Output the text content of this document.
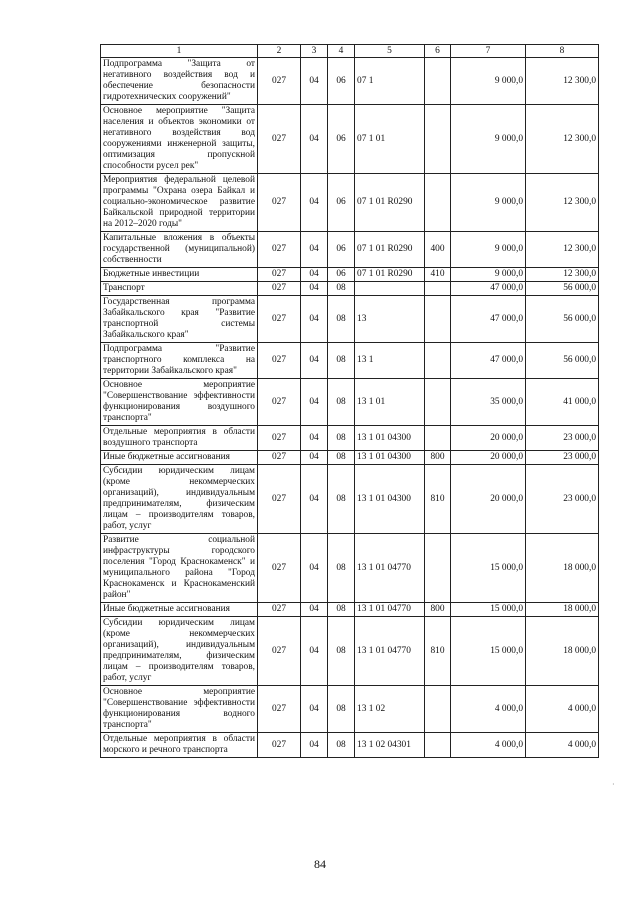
1	2	3	4	5	6	7	8
Подпрограмма "Защита от негативного воздействия вод и обеспечение безопасности гидротехнических сооружений"	027	04	06	07 1		9 000,0	12 300,0
Основное мероприятие "Защита населения и объектов экономики от негативного воздействия вод сооружениями инженерной защиты, оптимизация пропускной способности русел рек"	027	04	06	07 1 01		9 000,0	12 300,0
Мероприятия федеральной целевой программы "Охрана озера Байкал и социально-экономическое развитие Байкальской природной территории на 2012–2020 годы"	027	04	06	07 1 01 R0290		9 000,0	12 300,0
Капитальные вложения в объекты государственной (муниципальной) собственности	027	04	06	07 1 01 R0290	400	9 000,0	12 300,0
Бюджетные инвестиции	027	04	06	07 1 01 R0290	410	9 000,0	12 300,0
Транспорт	027	04	08			47 000,0	56 000,0
Государственная программа Забайкальского края "Развитие транспортной системы Забайкальского края"	027	04	08	13		47 000,0	56 000,0
Подпрограмма "Развитие транспортного комплекса на территории Забайкальского края"	027	04	08	13 1		47 000,0	56 000,0
Основное мероприятие "Совершенствование эффективности функционирования воздушного транспорта"	027	04	08	13 1 01		35 000,0	41 000,0
Отдельные мероприятия в области воздушного транспорта	027	04	08	13 1 01 04300		20 000,0	23 000,0
Иные бюджетные ассигнования	027	04	08	13 1 01 04300	800	20 000,0	23 000,0
Субсидии юридическим лицам (кроме некоммерческих организаций), индивидуальным предпринимателям, физическим лицам – производителям товаров, работ, услуг	027	04	08	13 1 01 04300	810	20 000,0	23 000,0
Развитие социальной инфраструктуры городского поселения "Город Краснокаменск" и муниципального района "Город Краснокаменск и Краснокаменский район"	027	04	08	13 1 01 04770		15 000,0	18 000,0
Иные бюджетные ассигнования	027	04	08	13 1 01 04770	800	15 000,0	18 000,0
Субсидии юридическим лицам (кроме некоммерческих организаций), индивидуальным предпринимателям, физическим лицам – производителям товаров, работ, услуг	027	04	08	13 1 01 04770	810	15 000,0	18 000,0
Основное мероприятие "Совершенствование эффективности функционирования водного транспорта"	027	04	08	13 1 02		4 000,0	4 000,0
Отдельные мероприятия в области морского и речного транспорта	027	04	08	13 1 02 04301		4 000,0	4 000,0
84
·
